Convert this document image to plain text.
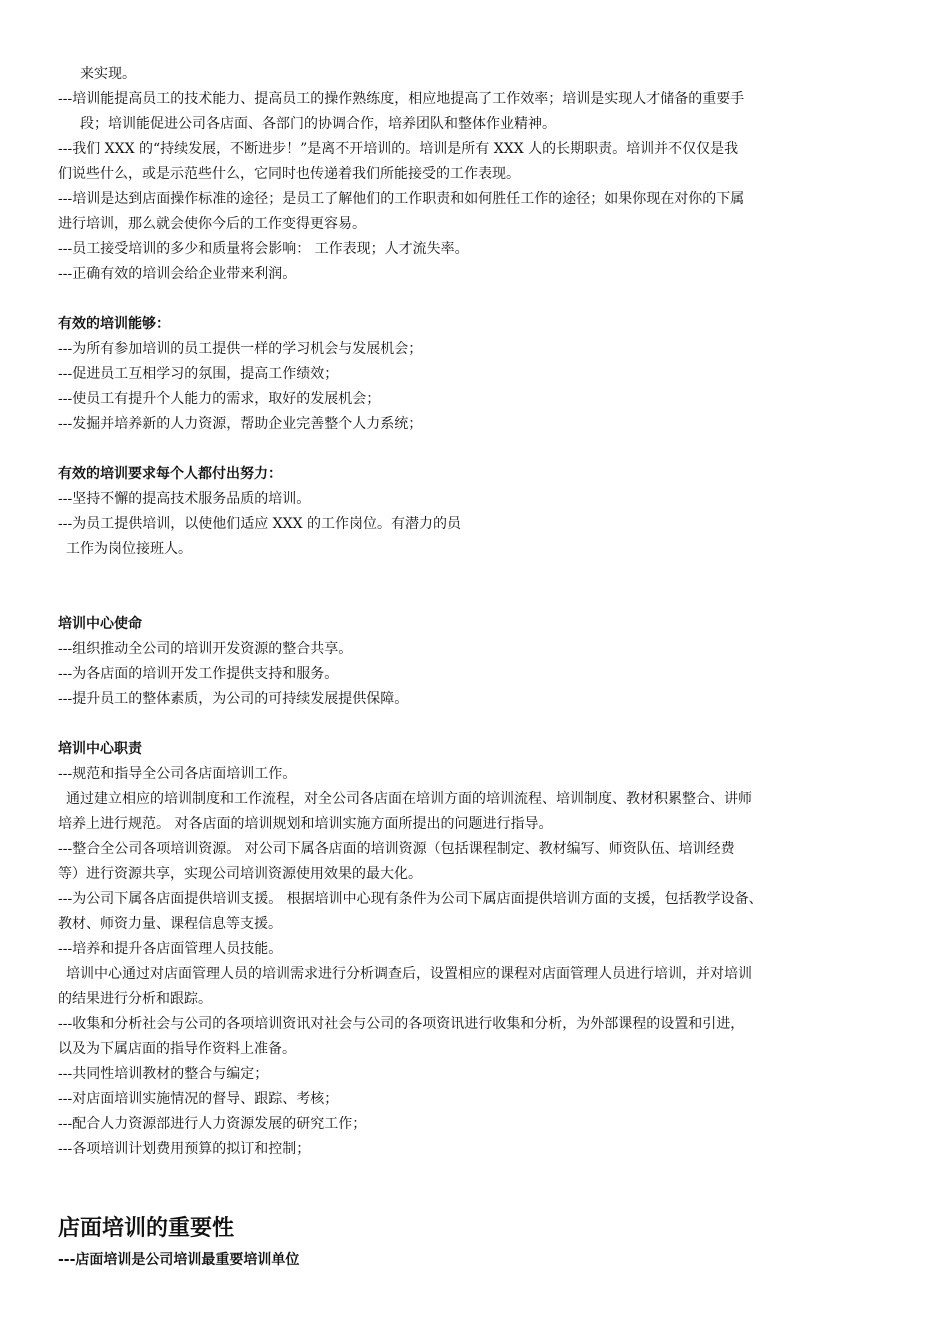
来实现。

---培训能提高员工的技术能力、提高员工的操作熟练度，相应地提高了工作效率；培训是实现人才储备的重要手

段；培训能促进公司各店面、各部门的协调合作，培养团队和整体作业精神。

---我们 XXX 的“持续发展，不断进步！”是离不开培训的。培训是所有 XXX 人的长期职责。培训并不仅仅是我

们说些什么，或是示范些什么，它同时也传递着我们所能接受的工作表现。

---培训是达到店面操作标准的途径；是员工了解他们的工作职责和如何胜任工作的途径；如果你现在对你的下属

进行培训，那么就会使你今后的工作变得更容易。

---员工接受培训的多少和质量将会影响： 工作表现；人才流失率。

---正确有效的培训会给企业带来利润。

有效的培训能够：

---为所有参加培训的员工提供一样的学习机会与发展机会；

---促进员工互相学习的氛围，提高工作绩效；

---使员工有提升个人能力的需求，取好的发展机会；

---发掘并培养新的人力资源，帮助企业完善整个人力系统；

有效的培训要求每个人都付出努力：

---坚持不懈的提高技术服务品质的培训。

---为员工提供培训，以使他们适应 XXX 的工作岗位。有潜力的员

工作为岗位接班人。

培训中心使命

---组织推动全公司的培训开发资源的整合共享。

---为各店面的培训开发工作提供支持和服务。

---提升员工的整体素质，为公司的可持续发展提供保障。

培训中心职责

---规范和指导全公司各店面培训工作。

通过建立相应的培训制度和工作流程，对全公司各店面在培训方面的培训流程、培训制度、教材积累整合、讲师

培养上进行规范。 对各店面的培训规划和培训实施方面所提出的问题进行指导。

---整合全公司各项培训资源。 对公司下属各店面的培训资源（包括课程制定、教材编写、师资队伍、培训经费

等）进行资源共享，实现公司培训资源使用效果的最大化。

---为公司下属各店面提供培训支援。 根据培训中心现有条件为公司下属店面提供培训方面的支援，包括教学设备、

教材、师资力量、课程信息等支援。

---培养和提升各店面管理人员技能。

培训中心通过对店面管理人员的培训需求进行分析调查后，设置相应的课程对店面管理人员进行培训，并对培训

的结果进行分析和跟踪。

---收集和分析社会与公司的各项培训资讯对社会与公司的各项资讯进行收集和分析，为外部课程的设置和引进，

以及为下属店面的指导作资料上准备。

---共同性培训教材的整合与编定；

---对店面培训实施情况的督导、跟踪、考核；

---配合人力资源部进行人力资源发展的研究工作；

---各项培训计划费用预算的拟订和控制；

店面培训的重要性

---店面培训是公司培训最重要培训单位
